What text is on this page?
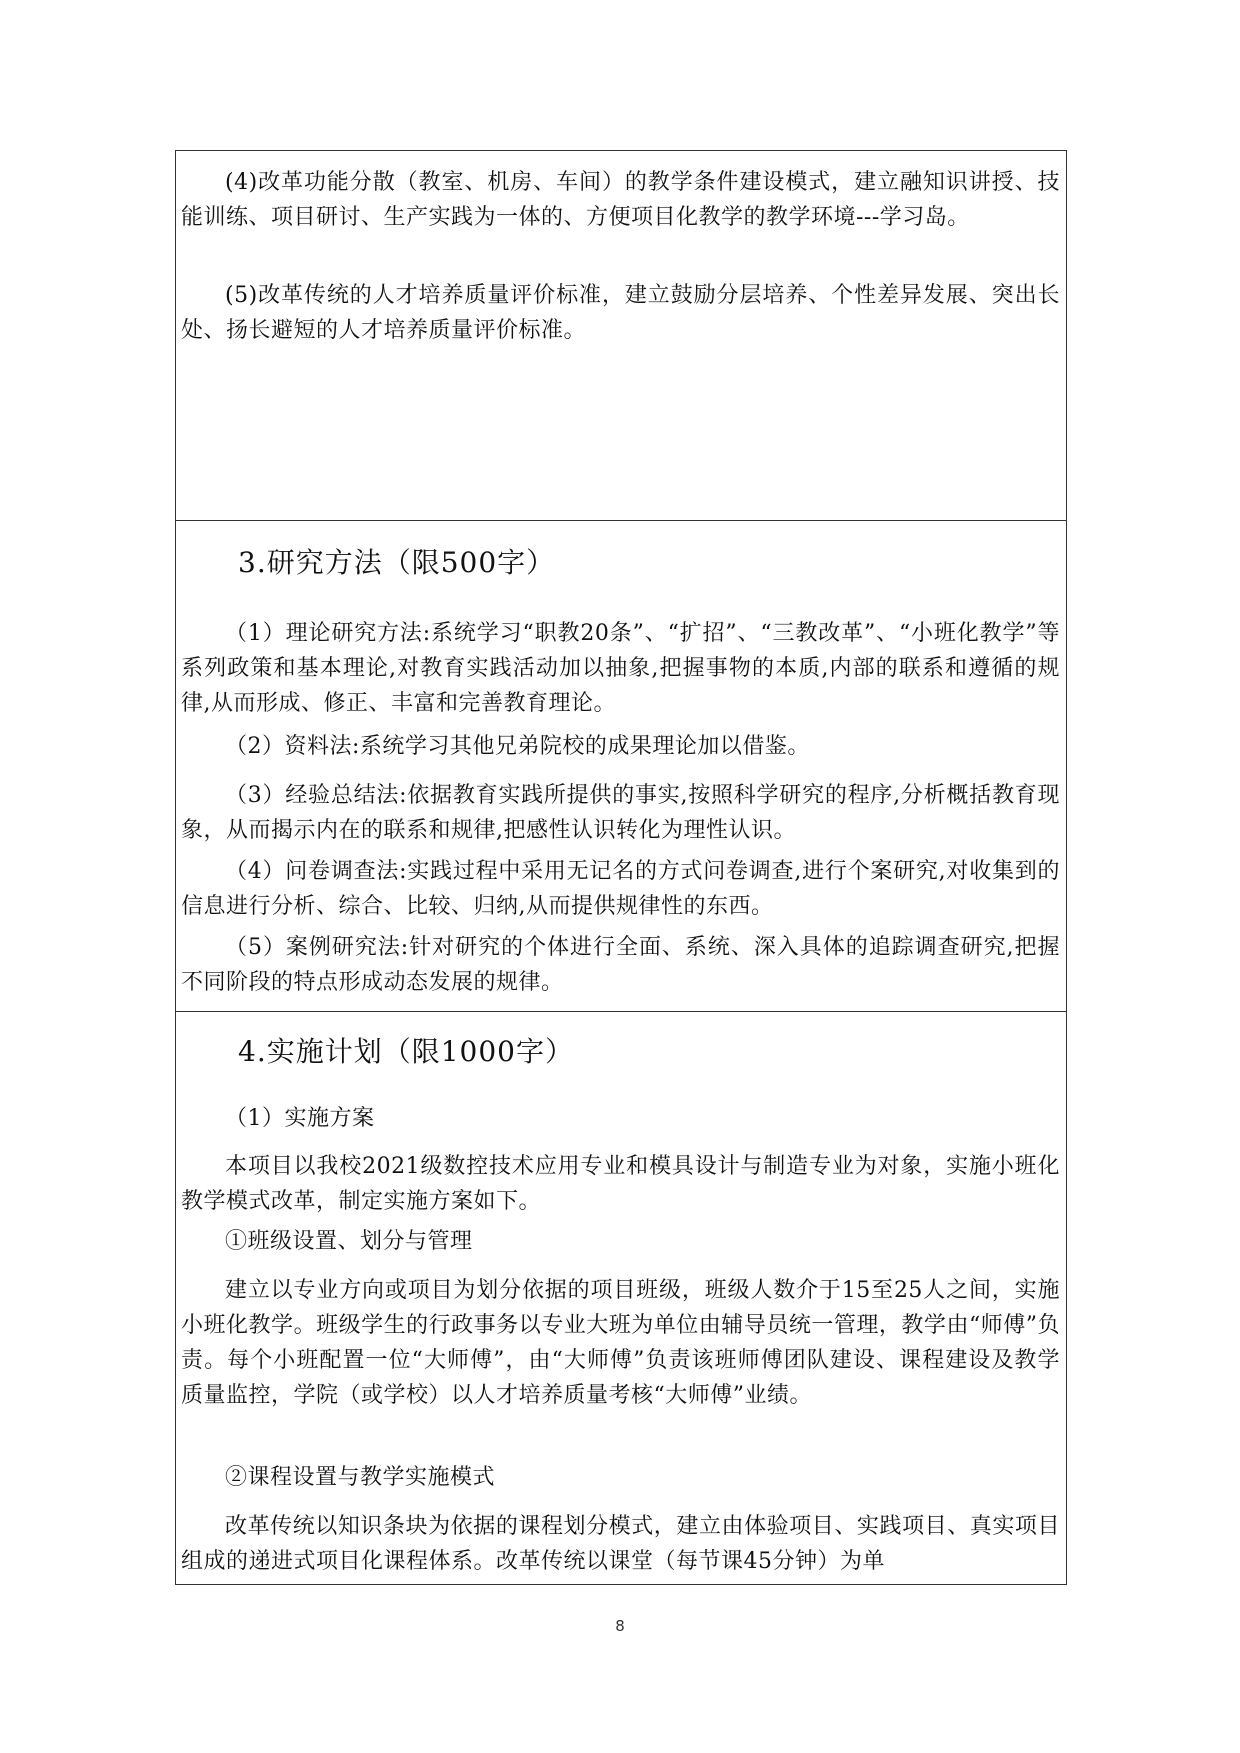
(4)改革功能分散（教室、机房、车间）的教学条件建设模式，建立融知识讲授、技能训练、项目研讨、生产实践为一体的、方便项目化教学的教学环境---学习岛。

(5)改革传统的人才培养质量评价标准，建立鼓励分层培养、个性差异发展、突出长处、扬长避短的人才培养质量评价标准。

3.研究方法（限500字）

（1）理论研究方法:系统学习“职教20条”、“扩招”、“三教改革”、“小班化教学”等系列政策和基本理论,对教育实践活动加以抽象,把握事物的本质,内部的联系和遵循的规律,从而形成、修正、丰富和完善教育理论。

（2）资料法:系统学习其他兄弟院校的成果理论加以借鉴。

（3）经验总结法:依据教育实践所提供的事实,按照科学研究的程序,分析概括教育现象，从而揭示内在的联系和规律,把感性认识转化为理性认识。

（4）问卷调查法:实践过程中采用无记名的方式问卷调查,进行个案研究,对收集到的信息进行分析、综合、比较、归纳,从而提供规律性的东西。

（5）案例研究法:针对研究的个体进行全面、系统、深入具体的追踪调查研究,把握不同阶段的特点形成动态发展的规律。

4.实施计划（限1000字）

（1）实施方案

本项目以我校2021级数控技术应用专业和模具设计与制造专业为对象，实施小班化教学模式改革，制定实施方案如下。

①班级设置、划分与管理

建立以专业方向或项目为划分依据的项目班级，班级人数介于15至25人之间，实施小班化教学。班级学生的行政事务以专业大班为单位由辅导员统一管理，教学由“师傅”负责。每个小班配置一位“大师傅”，由“大师傅”负责该班师傅团队建设、课程建设及教学质量监控，学院（或学校）以人才培养质量考核“大师傅”业绩。

②课程设置与教学实施模式

改革传统以知识条块为依据的课程划分模式，建立由体验项目、实践项目、真实项目组成的递进式项目化课程体系。改革传统以课堂（每节课45分钟）为单

8
